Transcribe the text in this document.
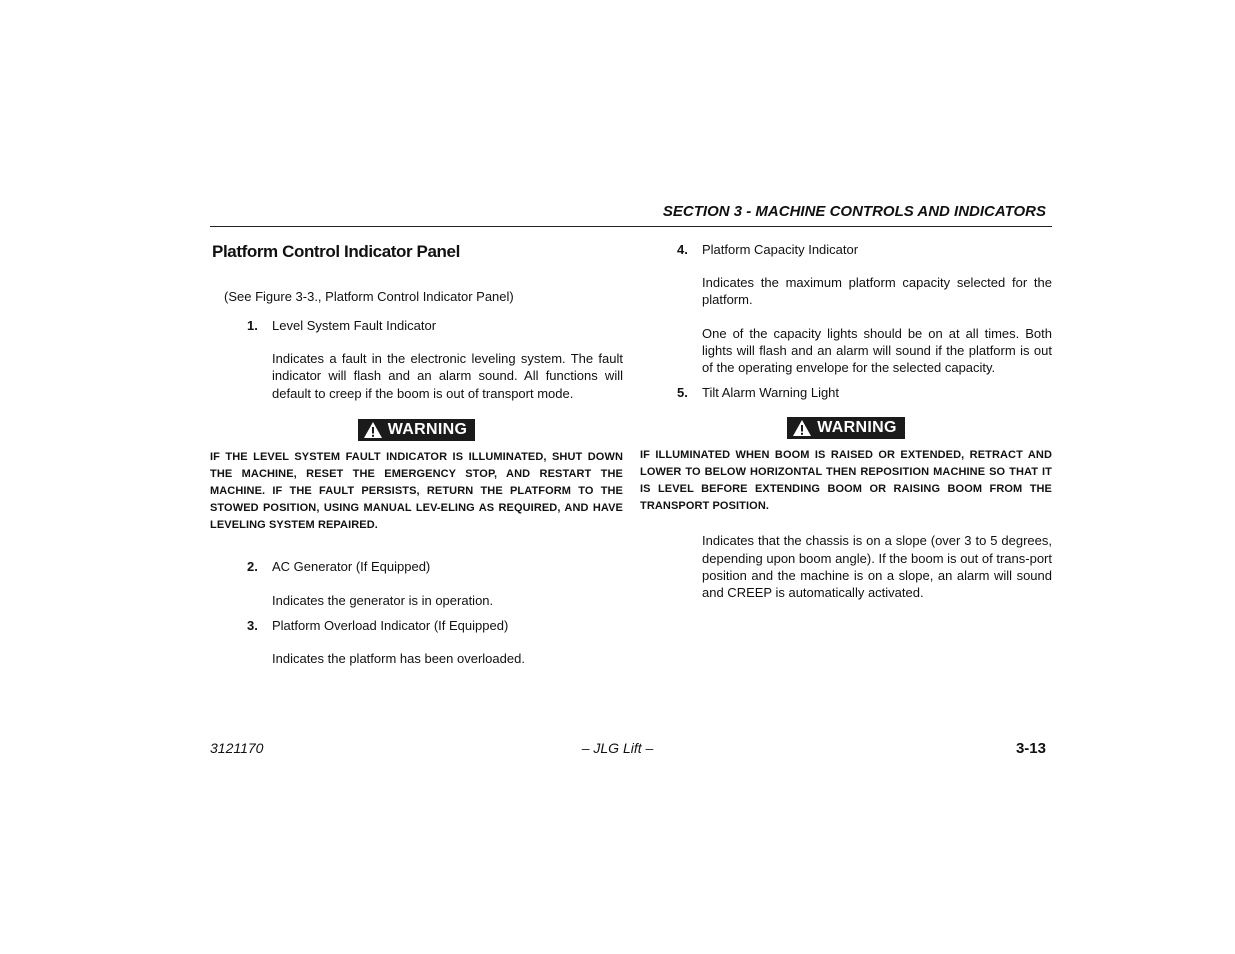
SECTION 3 - MACHINE CONTROLS AND INDICATORS
Platform Control Indicator Panel
(See Figure 3-3., Platform Control Indicator Panel)
1. Level System Fault Indicator
Indicates a fault in the electronic leveling system. The fault indicator will flash and an alarm sound. All functions will default to creep if the boom is out of transport mode.
WARNING
IF THE LEVEL SYSTEM FAULT INDICATOR IS ILLUMINATED, SHUT DOWN THE MACHINE, RESET THE EMERGENCY STOP, AND RESTART THE MACHINE. IF THE FAULT PERSISTS, RETURN THE PLATFORM TO THE STOWED POSITION, USING MANUAL LEV-ELING AS REQUIRED, AND HAVE LEVELING SYSTEM REPAIRED.
2. AC Generator (If Equipped)
Indicates the generator is in operation.
3. Platform Overload Indicator (If Equipped)
Indicates the platform has been overloaded.
4. Platform Capacity Indicator
Indicates the maximum platform capacity selected for the platform.
One of the capacity lights should be on at all times. Both lights will flash and an alarm will sound if the platform is out of the operating envelope for the selected capacity.
5. Tilt Alarm Warning Light
WARNING
IF ILLUMINATED WHEN BOOM IS RAISED OR EXTENDED, RETRACT AND LOWER TO BELOW HORIZONTAL THEN REPOSITION MACHINE SO THAT IT IS LEVEL BEFORE EXTENDING BOOM OR RAISING BOOM FROM THE TRANSPORT POSITION.
Indicates that the chassis is on a slope (over 3 to 5 degrees, depending upon boom angle). If the boom is out of trans-port position and the machine is on a slope, an alarm will sound and CREEP is automatically activated.
3121170	– JLG Lift –	3-13
